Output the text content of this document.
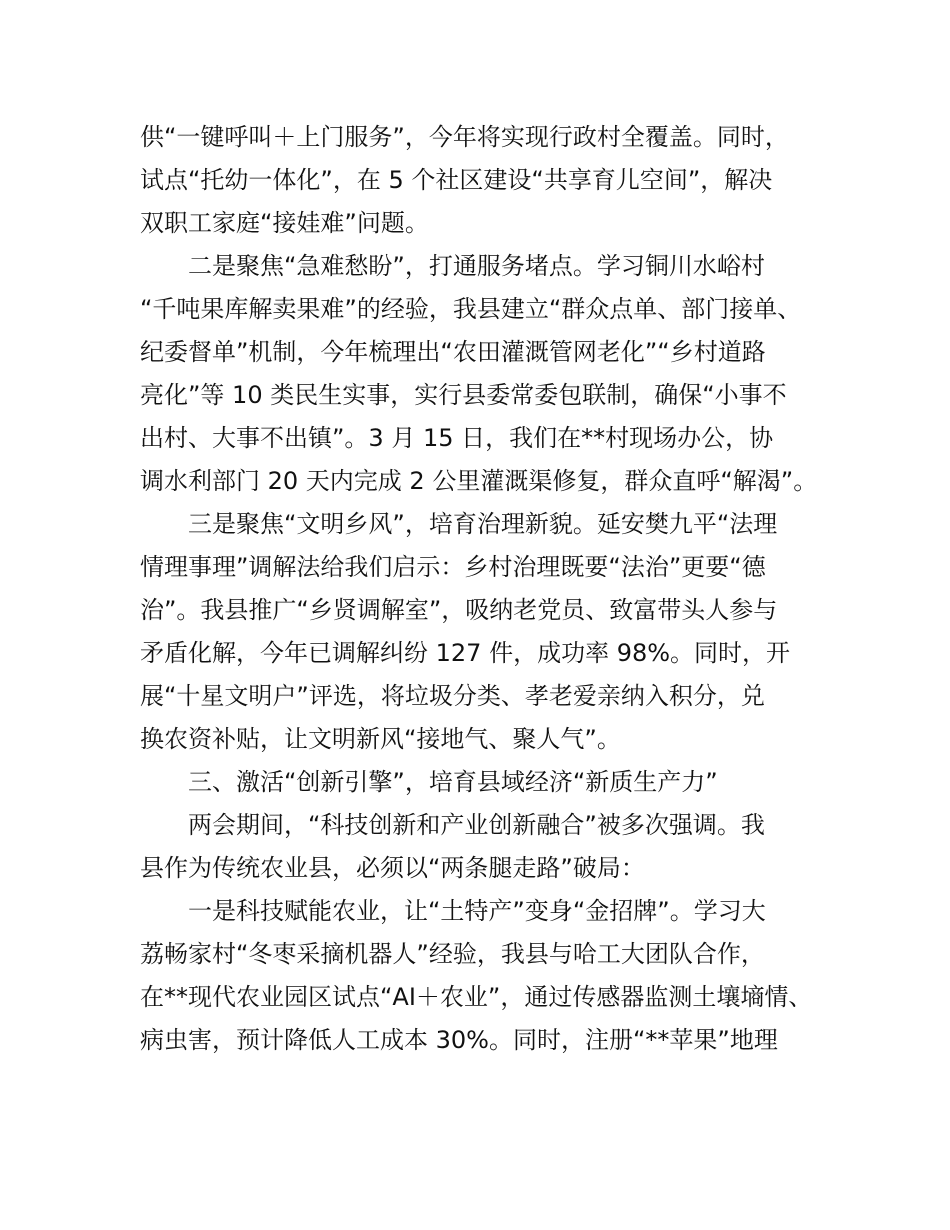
供“一键呼叫＋上门服务”，今年将实现行政村全覆盖。同时，
试点“托幼一体化”，在 5 个社区建设“共享育儿空间”，解决
双职工家庭“接娃难”问题。
二是聚焦“急难愁盼”，打通服务堵点。学习铜川水峪村
“千吨果库解卖果难”的经验，我县建立“群众点单、部门接单、
纪委督单”机制，今年梳理出“农田灌溉管网老化”“乡村道路
亮化”等 10 类民生实事，实行县委常委包联制，确保“小事不
出村、大事不出镇”。3 月 15 日，我们在**村现场办公，协
调水利部门 20 天内完成 2 公里灌溉渠修复，群众直呼“解渴”。
三是聚焦“文明乡风”，培育治理新貌。延安樊九平“法理
情理事理”调解法给我们启示：乡村治理既要“法治”更要“德
治”。我县推广“乡贤调解室”，吸纳老党员、致富带头人参与
矛盾化解，今年已调解纠纷 127 件，成功率 98%。同时，开
展“十星文明户”评选，将垃圾分类、孝老爱亲纳入积分，兑
换农资补贴，让文明新风“接地气、聚人气”。
三、激活“创新引擎”，培育县域经济“新质生产力”
两会期间，“科技创新和产业创新融合”被多次强调。我
县作为传统农业县，必须以“两条腿走路”破局：
一是科技赋能农业，让“土特产”变身“金招牌”。学习大
荔畅家村“冬枣采摘机器人”经验，我县与哈工大团队合作，
在**现代农业园区试点“AI＋农业”，通过传感器监测土壤墒情、
病虫害，预计降低人工成本 30%。同时，注册“**苹果”地理
